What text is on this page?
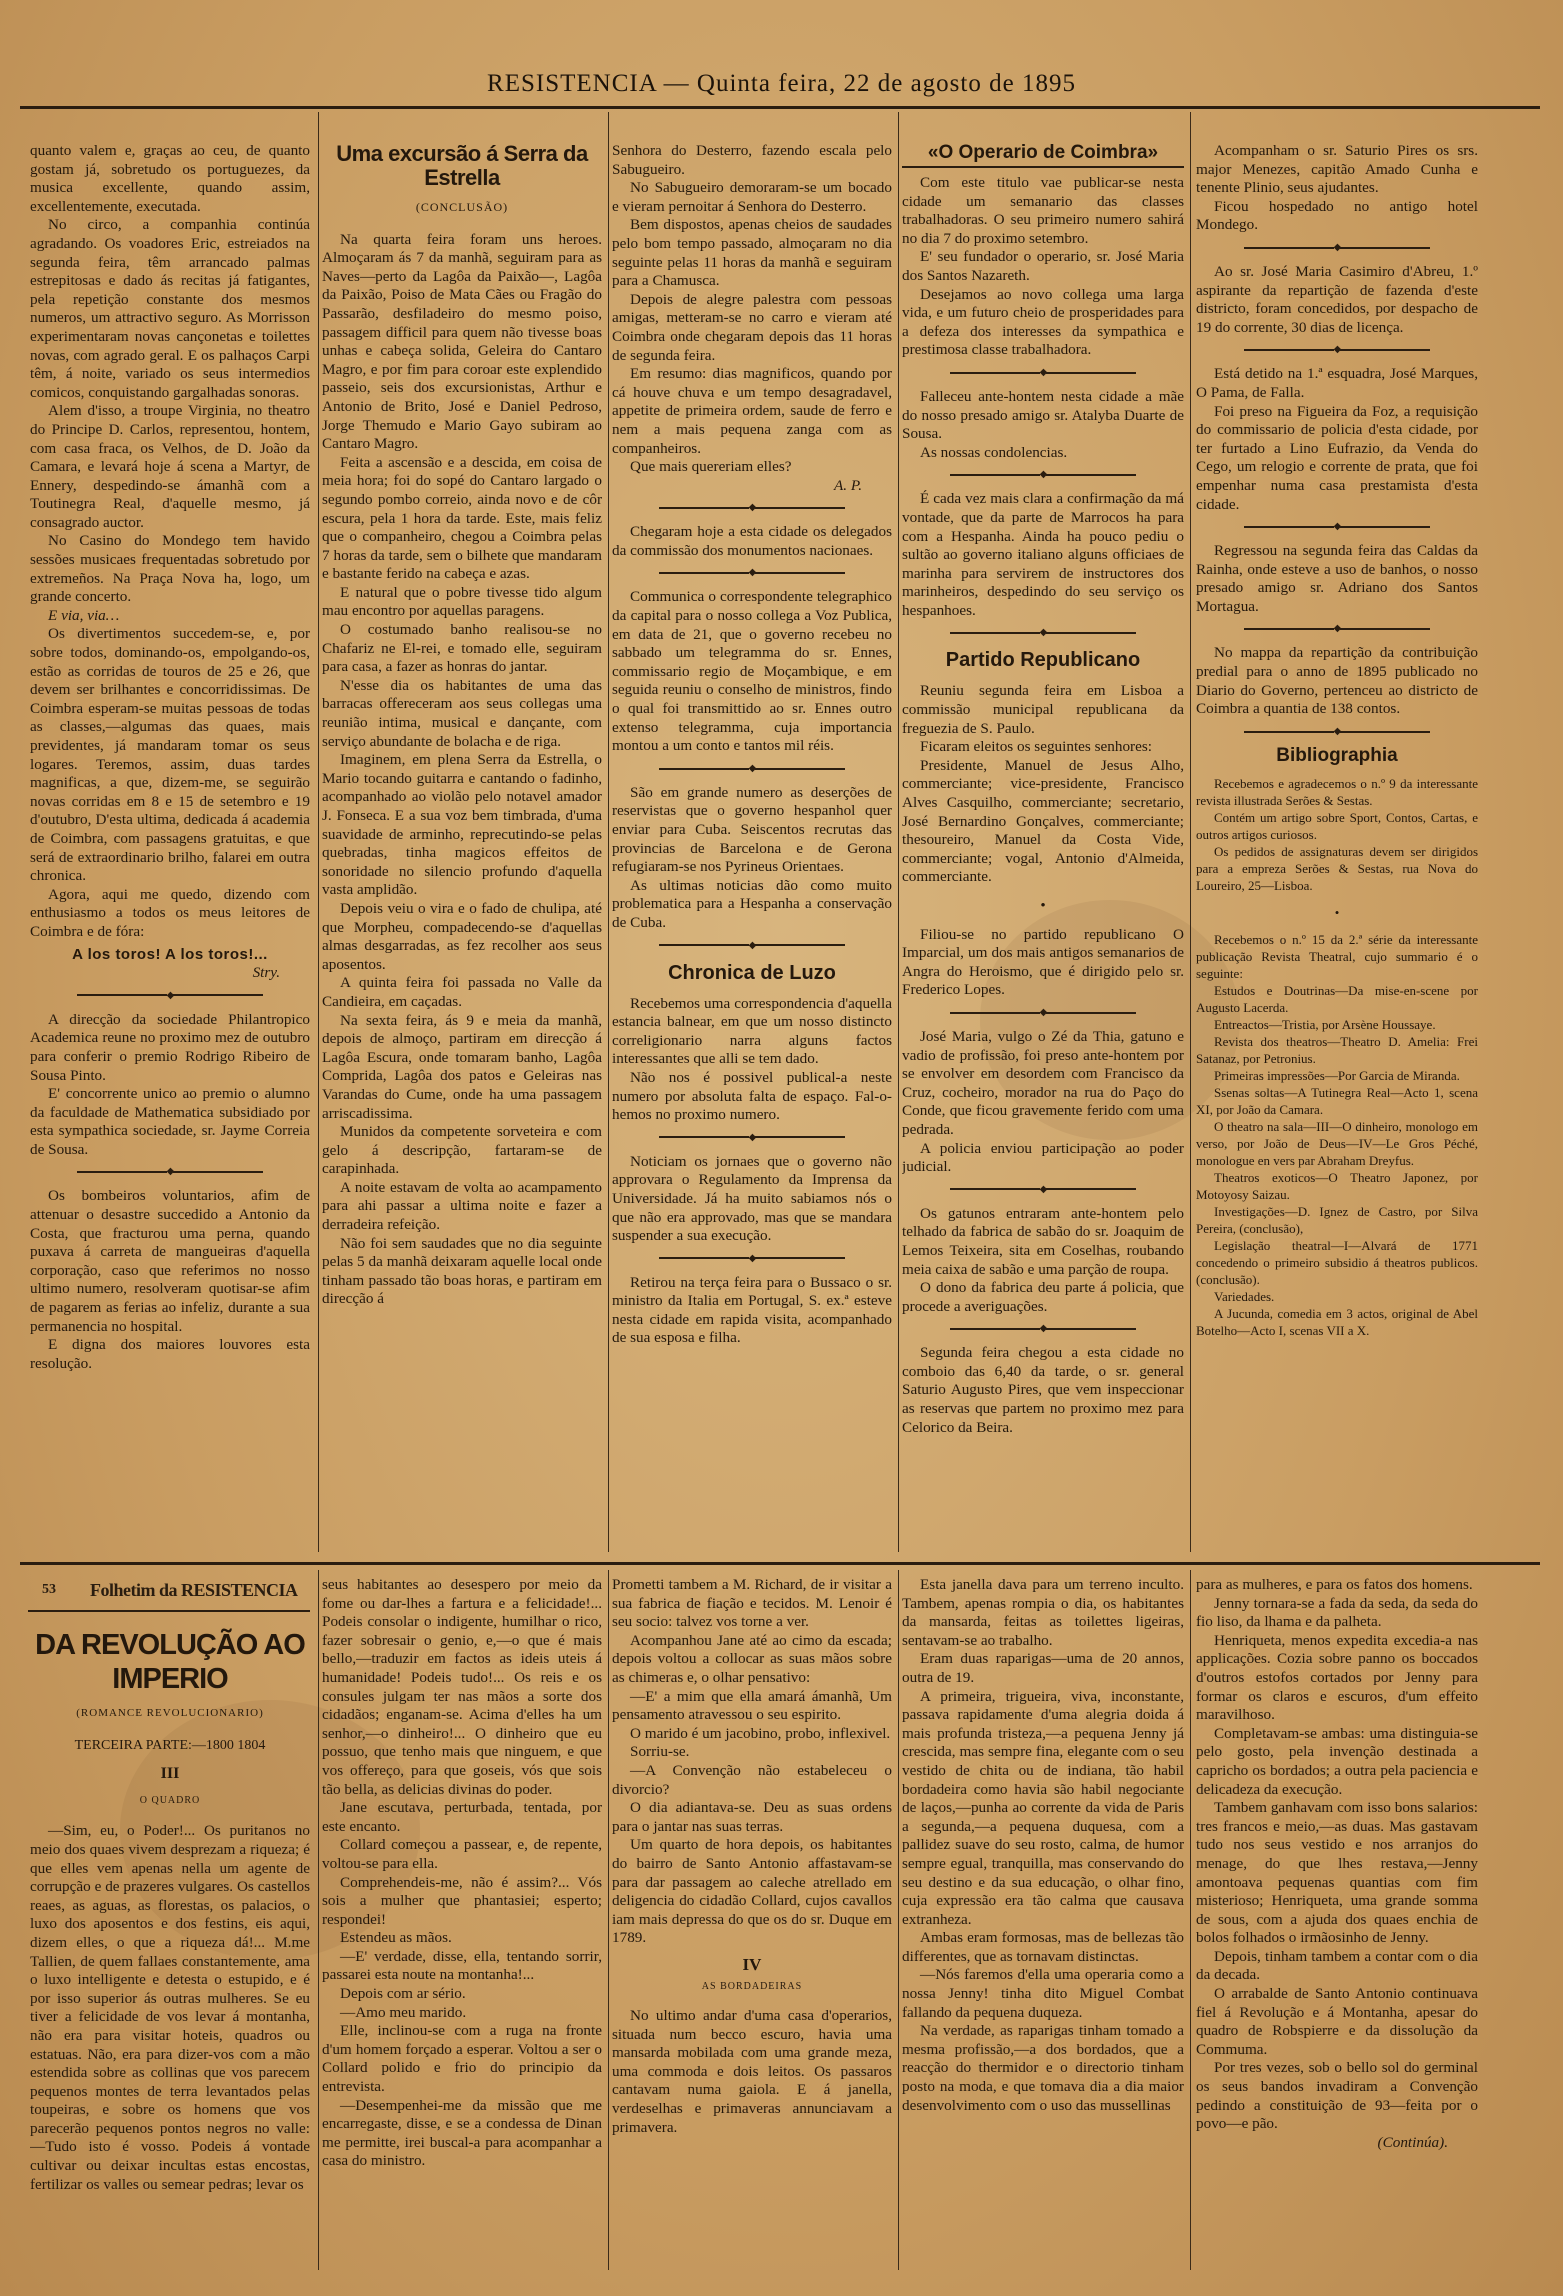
RESISTENCIA — Quinta feira, 22 de agosto de 1895

quanto valem e, graças ao ceu, de quanto gostam já, sobretudo os portuguezes, da musica excellente, quando assim, excellentemente, executada.

No circo, a companhia continúa agradando. Os voadores Eric, estreiados na segunda feira, têm arrancado palmas estrepitosas e dado ás recitas já fatigantes, pela repetição constante dos mesmos numeros, um attractivo seguro. As Morrisson experimentaram novas cançonetas e toilettes novas, com agrado geral. E os palhaços Carpi têm, á noite, variado os seus intermedios comicos, conquistando gargalhadas sonoras.

Alem d'isso, a troupe Virginia, no theatro do Principe D. Carlos, representou, hontem, com casa fraca, os Velhos, de D. João da Camara, e levará hoje á scena a Martyr, de Ennery, despedindo-se ámanhã com a Toutinegra Real, d'aquelle mesmo, já consagrado auctor.

No Casino do Mondego tem havido sessões musicaes frequentadas sobretudo por extremeños. Na Praça Nova ha, logo, um grande concerto.

E via, via…

Os divertimentos succedem-se, e, por sobre todos, dominando-os, empolgando-os, estão as corridas de touros de 25 e 26, que devem ser brilhantes e concorridissimas. De Coimbra esperam-se muitas pessoas de todas as classes,—algumas das quaes, mais previdentes, já mandaram tomar os seus logares. Teremos, assim, duas tardes magnificas, a que, dizem-me, se seguirão novas corridas em 8 e 15 de setembro e 19 d'outubro, D'esta ultima, dedicada á academia de Coimbra, com passagens gratuitas, e que será de extraordinario brilho, falarei em outra chronica.

Agora, aqui me quedo, dizendo com enthusiasmo a todos os meus leitores de Coimbra e de fóra:

A los toros! A los toros!...
Stry.
◆

A direcção da sociedade Philantropico Academica reune no proximo mez de outubro para conferir o premio Rodrigo Ribeiro de Sousa Pinto.

E' concorrente unico ao premio o alumno da faculdade de Mathematica subsidiado por esta sympathica sociedade, sr. Jayme Correia de Sousa.

◆

Os bombeiros voluntarios, afim de attenuar o desastre succedido a Antonio da Costa, que fracturou uma perna, quando puxava á carreta de mangueiras d'aquella corporação, caso que referimos no nosso ultimo numero, resolveram quotisar-se afim de pagarem as ferias ao infeliz, durante a sua permanencia no hospital.

E digna dos maiores louvores esta resolução.

Uma excursão á Serra da Estrella
(CONCLUSÃO)

Na quarta feira foram uns heroes. Almoçaram ás 7 da manhã, seguiram para as Naves—perto da Lagôa da Paixão—, Lagôa da Paixão, Poiso de Mata Cães ou Fragão do Passarão, desfiladeiro do mesmo poiso, passagem difficil para quem não tivesse boas unhas e cabeça solida, Geleira do Cantaro Magro, e por fim para coroar este explendido passeio, seis dos excursionistas, Arthur e Antonio de Brito, José e Daniel Pedroso, Jorge Themudo e Mario Gayo subiram ao Cantaro Magro.

Feita a ascensão e a descida, em coisa de meia hora; foi do sopé do Cantaro largado o segundo pombo correio, ainda novo e de côr escura, pela 1 hora da tarde. Este, mais feliz que o companheiro, chegou a Coimbra pelas 7 horas da tarde, sem o bilhete que mandaram e bastante ferido na cabeça e azas.

E natural que o pobre tivesse tido algum mau encontro por aquellas paragens.

O costumado banho realisou-se no Chafariz ne El-rei, e tomado elle, seguiram para casa, a fazer as honras do jantar.

N'esse dia os habitantes de uma das barracas offereceram aos seus collegas uma reunião intima, musical e dançante, com serviço abundante de bolacha e de riga.

Imaginem, em plena Serra da Estrella, o Mario tocando guitarra e cantando o fadinho, acompanhado ao violão pelo notavel amador J. Fonseca. E a sua voz bem timbrada, d'uma suavidade de arminho, reprecutindo-se pelas quebradas, tinha magicos effeitos de sonoridade no silencio profundo d'aquella vasta amplidão.

Depois veiu o vira e o fado de chulipa, até que Morpheu, compadecendo-se d'aquellas almas desgarradas, as fez recolher aos seus aposentos.

A quinta feira foi passada no Valle da Candieira, em caçadas.

Na sexta feira, ás 9 e meia da manhã, depois de almoço, partiram em direcção á Lagôa Escura, onde tomaram banho, Lagôa Comprida, Lagôa dos patos e Geleiras nas Varandas do Cume, onde ha uma passagem arriscadissima.

Munidos da competente sorveteira e com gelo á descripção, fartaram-se de carapinhada.

A noite estavam de volta ao acampamento para ahi passar a ultima noite e fazer a derradeira refeição.

Não foi sem saudades que no dia seguinte pelas 5 da manhã deixaram aquelle local onde tinham passado tão boas horas, e partiram em direcção á

Senhora do Desterro, fazendo escala pelo Sabugueiro.

No Sabugueiro demoraram-se um bocado e vieram pernoitar á Senhora do Desterro.

Bem dispostos, apenas cheios de saudades pelo bom tempo passado, almoçaram no dia seguinte pelas 11 horas da manhã e seguiram para a Chamusca.

Depois de alegre palestra com pessoas amigas, metteram-se no carro e vieram até Coimbra onde chegaram depois das 11 horas de segunda feira.

Em resumo: dias magnificos, quando por cá houve chuva e um tempo desagradavel, appetite de primeira ordem, saude de ferro e nem a mais pequena zanga com as companheiros.

Que mais quereriam elles?

A. P.
◆

Chegaram hoje a esta cidade os delegados da commissão dos monumentos nacionaes.

◆

Communica o correspondente telegraphico da capital para o nosso collega a Voz Publica, em data de 21, que o governo recebeu no sabbado um telegramma do sr. Ennes, commissario regio de Moçambique, e em seguida reuniu o conselho de ministros, findo o qual foi transmittido ao sr. Ennes outro extenso telegramma, cuja importancia montou a um conto e tantos mil réis.

◆

São em grande numero as deserções de reservistas que o governo hespanhol quer enviar para Cuba. Seiscentos recrutas das provincias de Barcelona e de Gerona refugiaram-se nos Pyrineus Orientaes.

As ultimas noticias dão como muito problematica para a Hespanha a conservação de Cuba.

◆
Chronica de Luzo

Recebemos uma correspondencia d'aquella estancia balnear, em que um nosso distincto correligionario narra alguns factos interessantes que alli se tem dado.

Não nos é possivel publical-a neste numero por absoluta falta de espaço. Fal-o-hemos no proximo numero.

◆

Noticiam os jornaes que o governo não approvara o Regulamento da Imprensa da Universidade. Já ha muito sabiamos nós o que não era approvado, mas que se mandara suspender a sua execução.

◆

Retirou na terça feira para o Bussaco o sr. ministro da Italia em Portugal, S. ex.ª esteve nesta cidade em rapida visita, acompanhado de sua esposa e filha.

«O Operario de Coimbra»

Com este titulo vae publicar-se nesta cidade um semanario das classes trabalhadoras. O seu primeiro numero sahirá no dia 7 do proximo setembro.

E' seu fundador o operario, sr. José Maria dos Santos Nazareth.

Desejamos ao novo collega uma larga vida, e um futuro cheio de prosperidades para a defeza dos interesses da sympathica e prestimosa classe trabalhadora.

◆

Falleceu ante-hontem nesta cidade a mãe do nosso presado amigo sr. Atalyba Duarte de Sousa.

As nossas condolencias.

◆

É cada vez mais clara a confirmação da má vontade, que da parte de Marrocos ha para com a Hespanha. Ainda ha pouco pediu o sultão ao governo italiano alguns officiaes de marinha para servirem de instructores dos marinheiros, despedindo do seu serviço os hespanhoes.

◆
Partido Republicano

Reuniu segunda feira em Lisboa a commissão municipal republicana da freguezia de S. Paulo.

Ficaram eleitos os seguintes senhores:

Presidente, Manuel de Jesus Alho, commerciante; vice-presidente, Francisco Alves Casquilho, commerciante; secretario, José Bernardino Gonçalves, commerciante; thesoureiro, Manuel da Costa Vide, commerciante; vogal, Antonio d'Almeida, commerciante.

•

Filiou-se no partido republicano O Imparcial, um dos mais antigos semanarios de Angra do Heroismo, que é dirigido pelo sr. Frederico Lopes.

◆

José Maria, vulgo o Zé da Thia, gatuno e vadio de profissão, foi preso ante-hontem por se envolver em desordem com Francisco da Cruz, cocheiro, morador na rua do Paço do Conde, que ficou gravemente ferido com uma pedrada.

A policia enviou participação ao poder judicial.

◆

Os gatunos entraram ante-hontem pelo telhado da fabrica de sabão do sr. Joaquim de Lemos Teixeira, sita em Coselhas, roubando meia caixa de sabão e uma parção de roupa.

O dono da fabrica deu parte á policia, que procede a averiguações.

◆

Segunda feira chegou a esta cidade no comboio das 6,40 da tarde, o sr. general Saturio Augusto Pires, que vem inspeccionar as reservas que partem no proximo mez para Celorico da Beira.

Acompanham o sr. Saturio Pires os srs. major Menezes, capitão Amado Cunha e tenente Plinio, seus ajudantes.

Ficou hospedado no antigo hotel Mondego.

◆

Ao sr. José Maria Casimiro d'Abreu, 1.º aspirante da repartição de fazenda d'este districto, foram concedidos, por despacho de 19 do corrente, 30 dias de licença.

◆

Está detido na 1.ª esquadra, José Marques, O Pama, de Falla.

Foi preso na Figueira da Foz, a requisição do commissario de policia d'esta cidade, por ter furtado a Lino Eufrazio, da Venda do Cego, um relogio e corrente de prata, que foi empenhar numa casa prestamista d'esta cidade.

◆

Regressou na segunda feira das Caldas da Rainha, onde esteve a uso de banhos, o nosso presado amigo sr. Adriano dos Santos Mortagua.

◆

No mappa da repartição da contribuição predial para o anno de 1895 publicado no Diario do Governo, pertenceu ao districto de Coimbra a quantia de 138 contos.

◆
Bibliographia

Recebemos e agradecemos o n.º 9 da interessante revista illustrada Serões & Sestas.

Contém um artigo sobre Sport, Contos, Cartas, e outros artigos curiosos.

Os pedidos de assignaturas devem ser dirigidos para a empreza Serões & Sestas, rua Nova do Loureiro, 25—Lisboa.

•

Recebemos o n.º 15 da 2.ª série da interessante publicação Revista Theatral, cujo summario é o seguinte:

Estudos e Doutrinas—Da mise-en-scene por Augusto Lacerda.

Entreactos—Tristia, por Arsène Houssaye.

Revista dos theatros—Theatro D. Amelia: Frei Satanaz, por Petronius.

Primeiras impressões—Por Garcia de Miranda.

Ssenas soltas—A Tutinegra Real—Acto 1, scena XI, por João da Camara.

O theatro na sala—III—O dinheiro, monologo em verso, por João de Deus—IV—Le Gros Péché, monologue en vers par Abraham Dreyfus.

Theatros exoticos—O Theatro Japonez, por Motoyosy Saizau.

Investigações—D. Ignez de Castro, por Silva Pereira, (conclusão),

Legislação theatral—I—Alvará de 1771 concedendo o primeiro subsidio á theatros publicos. (conclusão).

Variedades.

A Jucunda, comedia em 3 actos, original de Abel Botelho—Acto I, scenas VII a X.

53 Folhetim da RESISTENCIA
DA REVOLUÇÃO AO IMPERIO
(ROMANCE REVOLUCIONARIO)
TERCEIRA PARTE:—1800 1804
III
O QUADRO

—Sim, eu, o Poder!... Os puritanos no meio dos quaes vivem desprezam a riqueza; é que elles vem apenas nella um agente de corrupção e de prazeres vulgares. Os castellos reaes, as aguas, as florestas, os palacios, o luxo dos aposentos e dos festins, eis aqui, dizem elles, o que a riqueza dá!... M.me Tallien, de quem fallaes constantemente, ama o luxo intelligente e detesta o estupido, e é por isso superior ás outras mulheres. Se eu tiver a felicidade de vos levar á montanha, não era para visitar hoteis, quadros ou estatuas. Não, era para dizer-vos com a mão estendida sobre as collinas que vos parecem pequenos montes de terra levantados pelas toupeiras, e sobre os homens que vos parecerão pequenos pontos negros no valle:—Tudo isto é vosso. Podeis á vontade cultivar ou deixar incultas estas encostas, fertilizar os valles ou semear pedras; levar os

seus habitantes ao desespero por meio da fome ou dar-lhes a fartura e a felicidade!... Podeis consolar o indigente, humilhar o rico, fazer sobresair o genio, e,—o que é mais bello,—traduzir em factos as ideis uteis á humanidade! Podeis tudo!... Os reis e os consules julgam ter nas mãos a sorte dos cidadãos; enganam-se. Acima d'elles ha um senhor,—o dinheiro!... O dinheiro que eu possuo, que tenho mais que ninguem, e que vos offereço, para que goseis, vós que sois tão bella, as delicias divinas do poder.

Jane escutava, perturbada, tentada, por este encanto.

Collard começou a passear, e, de repente, voltou-se para ella.

Comprehendeis-me, não é assim?... Vós sois a mulher que phantasiei; esperto; respondei!

Estendeu as mãos.

—E' verdade, disse, ella, tentando sorrir, passarei esta noute na montanha!...

Depois com ar sério.

—Amo meu marido.

Elle, inclinou-se com a ruga na fronte d'um homem forçado a esperar. Voltou a ser o Collard polido e frio do principio da entrevista.

—Desempenhei-me da missão que me encarregaste, disse, e se a condessa de Dinan me permitte, irei buscal-a para acompanhar a casa do ministro.

Prometti tambem a M. Richard, de ir visitar a sua fabrica de fiação e tecidos. M. Lenoir é seu socio: talvez vos torne a ver.

Acompanhou Jane até ao cimo da escada; depois voltou a collocar as suas mãos sobre as chimeras e, o olhar pensativo:

—E' a mim que ella amará ámanhã, Um pensamento atravessou o seu espirito.

O marido é um jacobino, probo, inflexivel.

Sorriu-se.

—A Convenção não estabeleceu o divorcio?

O dia adiantava-se. Deu as suas ordens para o jantar nas suas terras.

Um quarto de hora depois, os habitantes do bairro de Santo Antonio affastavam-se para dar passagem ao caleche atrellado em deligencia do cidadão Collard, cujos cavallos iam mais depressa do que os do sr. Duque em 1789.

IV
AS BORDADEIRAS

No ultimo andar d'uma casa d'operarios, situada num becco escuro, havia uma mansarda mobilada com uma grande meza, uma commoda e dois leitos. Os passaros cantavam numa gaiola. E á janella, verdeselhas e primaveras annunciavam a primavera.

Esta janella dava para um terreno inculto. Tambem, apenas rompia o dia, os habitantes da mansarda, feitas as toilettes ligeiras, sentavam-se ao trabalho.

Eram duas raparigas—uma de 20 annos, outra de 19.

A primeira, trigueira, viva, inconstante, passava rapidamente d'uma alegria doida á mais profunda tristeza,—a pequena Jenny já crescida, mas sempre fina, elegante com o seu vestido de chita ou de indiana, tão habil bordadeira como havia são habil negociante de laços,—punha ao corrente da vida de Paris a segunda,—a pequena duquesa, com a pallidez suave do seu rosto, calma, de humor sempre egual, tranquilla, mas conservando do seu destino e da sua educação, o olhar fino, cuja expressão era tão calma que causava extranheza.

Ambas eram formosas, mas de bellezas tão differentes, que as tornavam distinctas.

—Nós faremos d'ella uma operaria como a nossa Jenny! tinha dito Miguel Combat fallando da pequena duqueza.

Na verdade, as raparigas tinham tomado a mesma profissão,—a dos bordados, que a reacção do thermidor e o directorio tinham posto na moda, e que tomava dia a dia maior desenvolvimento com o uso das mussellinas

para as mulheres, e para os fatos dos homens.

Jenny tornara-se a fada da seda, da seda do fio liso, da lhama e da palheta.

Henriqueta, menos expedita excedia-a nas applicações. Cozia sobre panno os boccados d'outros estofos cortados por Jenny para formar os claros e escuros, d'um effeito maravilhoso.

Completavam-se ambas: uma distinguia-se pelo gosto, pela invenção destinada a capricho os bordados; a outra pela paciencia e delicadeza da execução.

Tambem ganhavam com isso bons salarios: tres francos e meio,—as duas. Mas gastavam tudo nos seus vestido e nos arranjos do menage, do que lhes restava,—Jenny amontoava pequenas quantias com fim misterioso; Henriqueta, uma grande somma de sous, com a ajuda dos quaes enchia de bolos folhados o irmãosinho de Jenny.

Depois, tinham tambem a contar com o dia da decada.

O arrabalde de Santo Antonio continuava fiel á Revolução e á Montanha, apesar do quadro de Robspierre e da dissolução da Commuma.

Por tres vezes, sob o bello sol do germinal os seus bandos invadiram a Convenção pedindo a constituição de 93—feita por o povo—e pão.

(Continúa).
